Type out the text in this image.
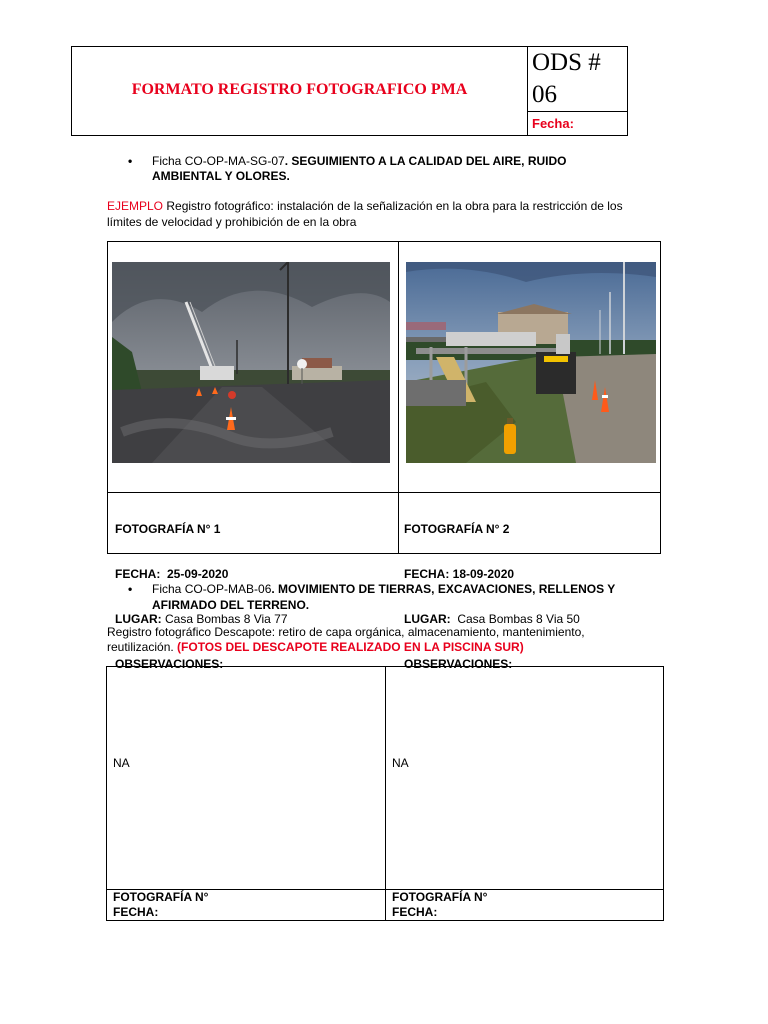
FORMATO REGISTRO FOTOGRAFICO PMA
ODS #
06
Fecha:
• Ficha CO-OP-MA-SG-07. SEGUIMIENTO A LA CALIDAD DEL AIRE, RUIDO
AMBIENTAL Y OLORES.
EJEMPLO Registro fotográfico: instalación de la señalización en la obra para la restricción de los
límites de velocidad y prohibición de en la obra

FOTOGRAFÍA N° 1

FECHA:  25-09-2020

LUGAR: Casa Bombas 8 Via 77

OBSERVACIONES:

FOTOGRAFÍA N° 2

FECHA: 18-09-2020

LUGAR:  Casa Bombas 8 Via 50

OBSERVACIONES:

• Ficha CO-OP-MAB-06. MOVIMIENTO DE TIERRAS, EXCAVACIONES, RELLENOS Y
AFIRMADO DEL TERRENO.
Registro fotográfico Descapote: retiro de capa orgánica, almacenamiento, mantenimiento,
reutilización. (FOTOS DEL DESCAPOTE REALIZADO EN LA PISCINA SUR)
NA	NA
FOTOGRAFÍA N°
FECHA:
FOTOGRAFÍA N°
FECHA:
